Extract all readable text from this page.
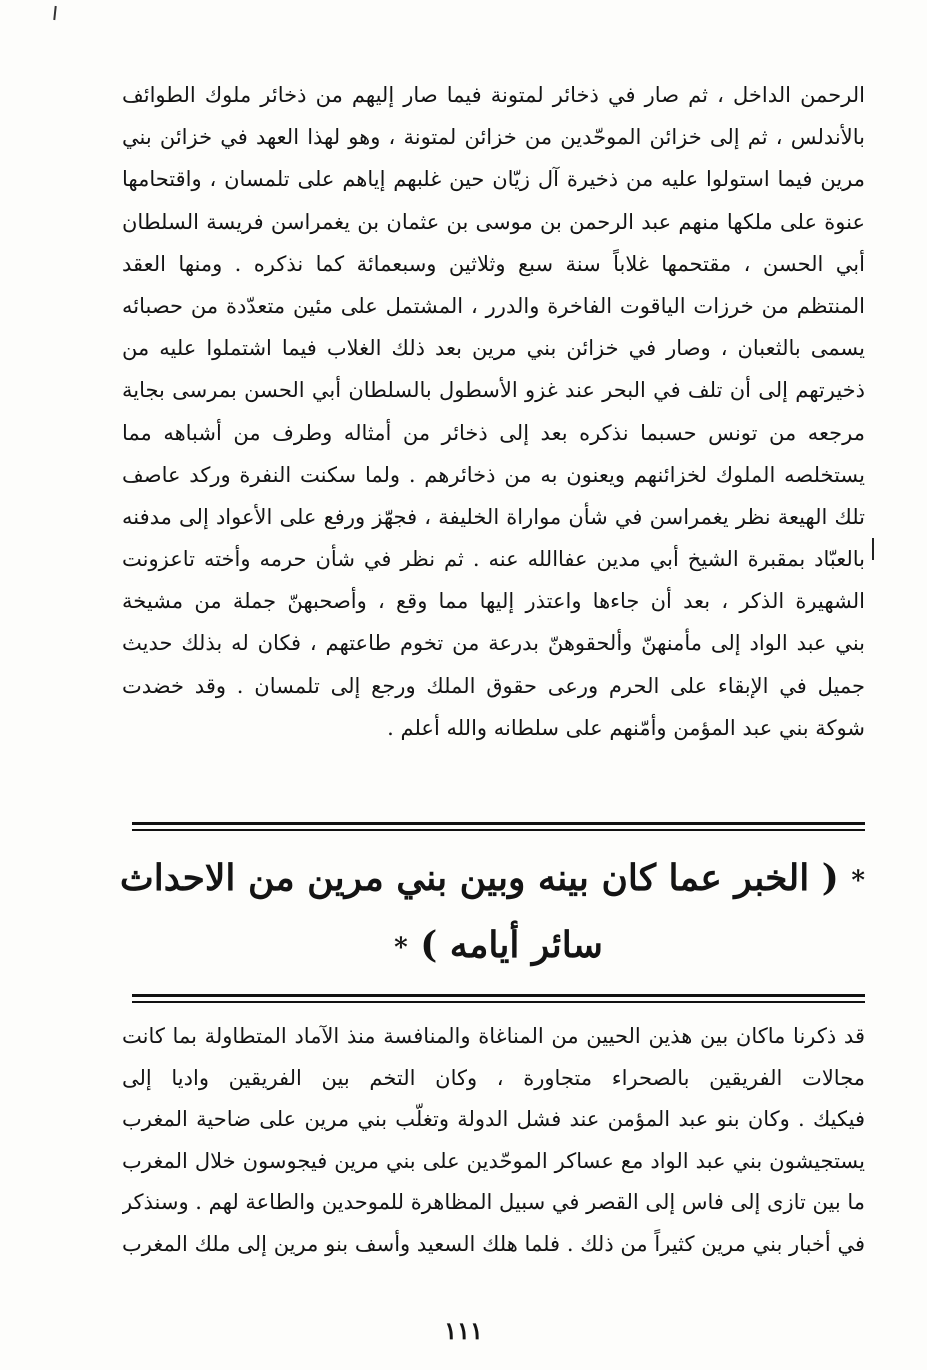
الرحمن الداخل ، ثم صار في ذخائر لمتونة فيما صار إليهم من ذخائر ملوك الطوائف
بالأندلس ، ثم إلى خزائن الموحّدين من خزائن لمتونة ، وهو لهذا العهد في خزائن بني
مرين فيما استولوا عليه من ذخيرة آل زيّان حين غلبهم إياهم على تلمسان ، واقتحامها
عنوة على ملكها منهم عبد الرحمن بن موسى بن عثمان بن يغمراسن فريسة السلطان
أبي الحسن ، مقتحمها غلاباً سنة سبع وثلاثين وسبعمائة كما نذكره . ومنها العقد
المنتظم من خرزات الياقوت الفاخرة والدرر ، المشتمل على مئين متعدّدة من حصبائه
يسمى بالثعبان ، وصار في خزائن بني مرين بعد ذلك الغلاب فيما اشتملوا عليه من
ذخيرتهم إلى أن تلف في البحر عند غزو الأسطول بالسلطان أبي الحسن بمرسى بجاية
مرجعه من تونس حسبما نذكره بعد إلى ذخائر من أمثاله وطرف من أشباهه مما
يستخلصه الملوك لخزائنهم ويعنون به من ذخائرهم . ولما سكنت النفرة وركد عاصف
تلك الهيعة نظر يغمراسن في شأن مواراة الخليفة ، فجهّز ورفع على الأعواد إلى مدفنه
بالعبّاد بمقبرة الشيخ أبي مدين عفاالله عنه . ثم نظر في شأن حرمه وأخته تاعزونت
الشهيرة الذكر ، بعد أن جاءها واعتذر إليها مما وقع ، وأصحبهنّ جملة من مشيخة
بني عبد الواد إلى مأمنهنّ وألحقوهنّ بدرعة من تخوم طاعتهم ، فكان له بذلك حديث
جميل في الإبقاء على الحرم ورعى حقوق الملك ورجع إلى تلمسان . وقد خضدت
شوكة بني عبد المؤمن وأمّنهم على سلطانه والله أعلم .
* ( الخبر عما كان بينه وبين بني مرين من الاحداث
سائر أيامه ) *
قد ذكرنا ماكان بين هذين الحيين من المناغاة والمنافسة منذ الآماد المتطاولة بما كانت
مجالات الفريقين بالصحراء متجاورة ، وكان التخم بين الفريقين واديا إلى
فيكيك . وكان بنو عبد المؤمن عند فشل الدولة وتغلّب بني مرين على ضاحية المغرب
يستجيشون بني عبد الواد مع عساكر الموحّدين على بني مرين فيجوسون خلال المغرب
ما بين تازى إلى فاس إلى القصر في سبيل المظاهرة للموحدين والطاعة لهم . وسنذكر
في أخبار بني مرين كثيراً من ذلك . فلما هلك السعيد وأسف بنو مرين إلى ملك المغرب
١١١
